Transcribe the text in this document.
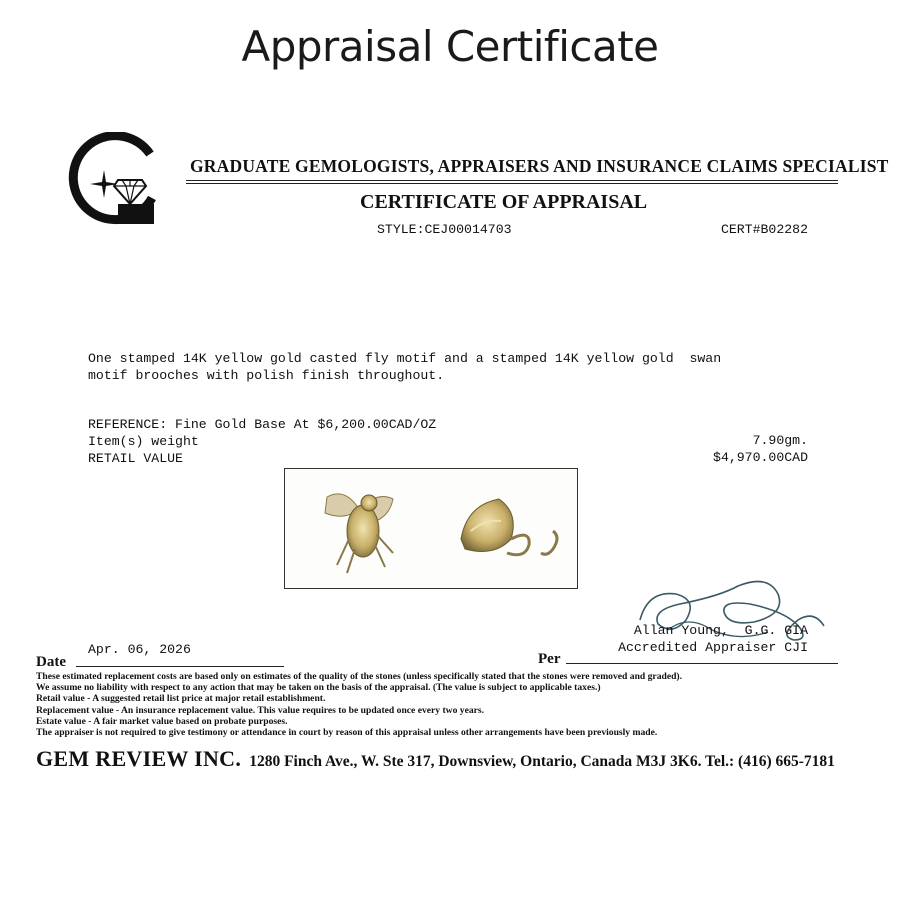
Appraisal Certificate
GRADUATE GEMOLOGISTS, APPRAISERS AND INSURANCE CLAIMS SPECIALIST
CERTIFICATE OF APPRAISAL
STYLE:CEJ00014703	CERT#B02282
One stamped 14K yellow gold casted fly motif and a stamped 14K yellow gold  swan
motif brooches with polish finish throughout.
REFERENCE: Fine Gold Base At $6,200.00CAD/OZ
Item(s) weight
RETAIL VALUE
7.90gm.
$4,970.00CAD
Allan Young,  G.G. GIA
Accredited Appraiser CJI
Apr. 06, 2026
Date	Per
These estimated replacement costs are based only on estimates of the quality of the stones (unless specifically stated that the stones were removed and graded).
We assume no liability with respect to any action that may be taken on the basis of the appraisal. (The value is subject to applicable taxes.)
Retail value - A suggested retail list price at major retail establishment.
Replacement value - An insurance replacement value. This value requires to be updated once every two years.
Estate value - A fair market value based on probate purposes.
The appraiser is not required to give testimony or attendance in court by reason of this appraisal unless other arrangements have been previously made.
GEM REVIEW INC. 1280 Finch Ave., W. Ste 317, Downsview, Ontario, Canada M3J 3K6. Tel.: (416) 665-7181
